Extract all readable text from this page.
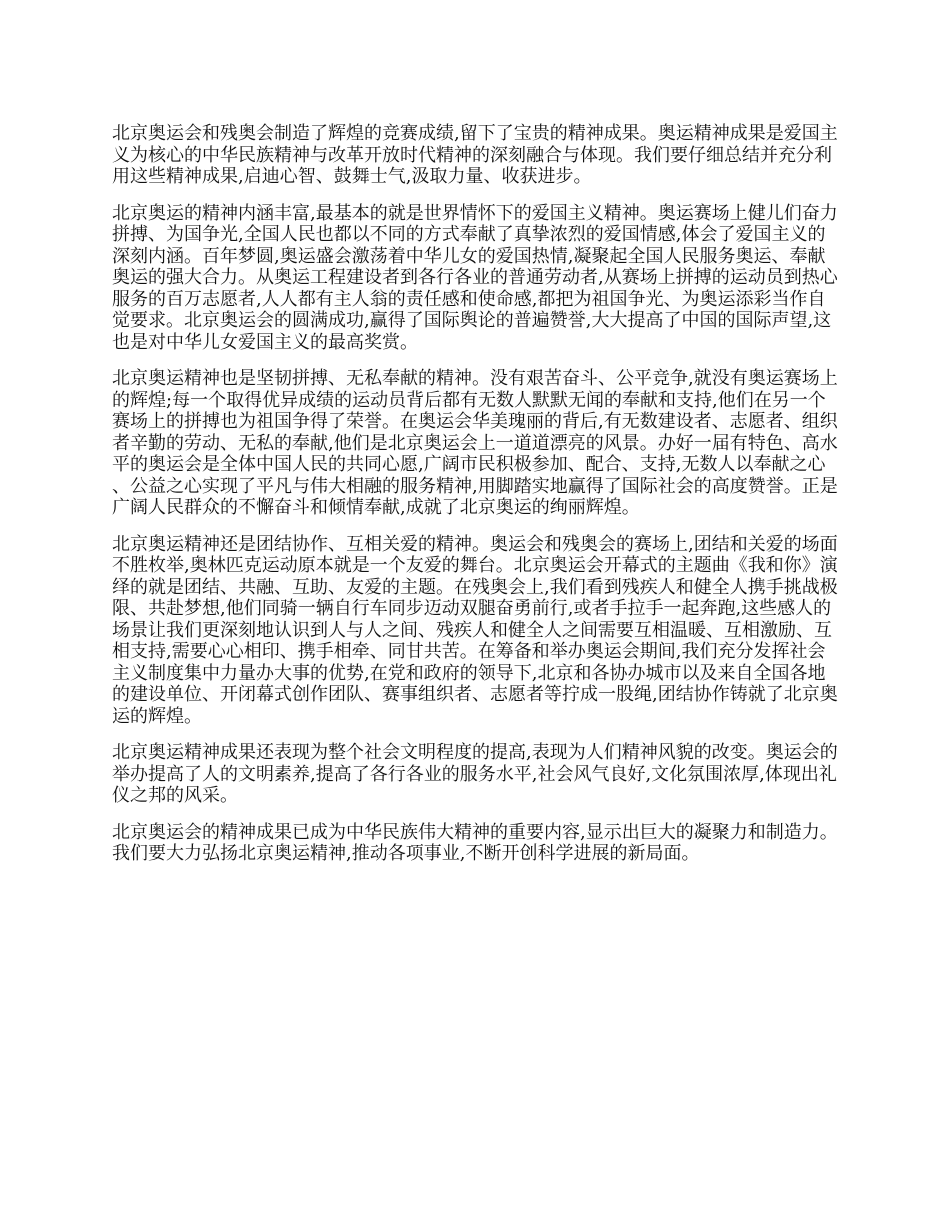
北京奥运会和残奥会制造了辉煌的竞赛成绩,留下了宝贵的精神成果。奥运精神成果是爱国主义为核心的中华民族精神与改革开放时代精神的深刻融合与体现。我们要仔细总结并充分利用这些精神成果,启迪心智、鼓舞士气,汲取力量、收获进步。

北京奥运的精神内涵丰富,最基本的就是世界情怀下的爱国主义精神。奥运赛场上健儿们奋力拼搏、为国争光,全国人民也都以不同的方式奉献了真挚浓烈的爱国情感,体会了爱国主义的深刻内涵。百年梦圆,奥运盛会激荡着中华儿女的爱国热情,凝聚起全国人民服务奥运、奉献奥运的强大合力。从奥运工程建设者到各行各业的普通劳动者,从赛场上拼搏的运动员到热心服务的百万志愿者,人人都有主人翁的责任感和使命感,都把为祖国争光、为奥运添彩当作自觉要求。北京奥运会的圆满成功,赢得了国际舆论的普遍赞誉,大大提高了中国的国际声望,这也是对中华儿女爱国主义的最高奖赏。

北京奥运精神也是坚韧拼搏、无私奉献的精神。没有艰苦奋斗、公平竞争,就没有奥运赛场上的辉煌;每一个取得优异成绩的运动员背后都有无数人默默无闻的奉献和支持,他们在另一个赛场上的拼搏也为祖国争得了荣誉。在奥运会华美瑰丽的背后,有无数建设者、志愿者、组织者辛勤的劳动、无私的奉献,他们是北京奥运会上一道道漂亮的风景。办好一届有特色、高水平的奥运会是全体中国人民的共同心愿,广阔市民积极参加、配合、支持,无数人以奉献之心、公益之心实现了平凡与伟大相融的服务精神,用脚踏实地赢得了国际社会的高度赞誉。正是广阔人民群众的不懈奋斗和倾情奉献,成就了北京奥运的绚丽辉煌。

北京奥运精神还是团结协作、互相关爱的精神。奥运会和残奥会的赛场上,团结和关爱的场面不胜枚举,奥林匹克运动原本就是一个友爱的舞台。北京奥运会开幕式的主题曲《我和你》演绎的就是团结、共融、互助、友爱的主题。在残奥会上,我们看到残疾人和健全人携手挑战极限、共赴梦想,他们同骑一辆自行车同步迈动双腿奋勇前行,或者手拉手一起奔跑,这些感人的场景让我们更深刻地认识到人与人之间、残疾人和健全人之间需要互相温暖、互相激励、互相支持,需要心心相印、携手相牵、同甘共苦。在筹备和举办奥运会期间,我们充分发挥社会主义制度集中力量办大事的优势,在党和政府的领导下,北京和各协办城市以及来自全国各地的建设单位、开闭幕式创作团队、赛事组织者、志愿者等拧成一股绳,团结协作铸就了北京奥运的辉煌。

北京奥运精神成果还表现为整个社会文明程度的提高,表现为人们精神风貌的改变。奥运会的举办提高了人的文明素养,提高了各行各业的服务水平,社会风气良好,文化氛围浓厚,体现出礼仪之邦的风采。

北京奥运会的精神成果已成为中华民族伟大精神的重要内容,显示出巨大的凝聚力和制造力。我们要大力弘扬北京奥运精神,推动各项事业,不断开创科学进展的新局面。
